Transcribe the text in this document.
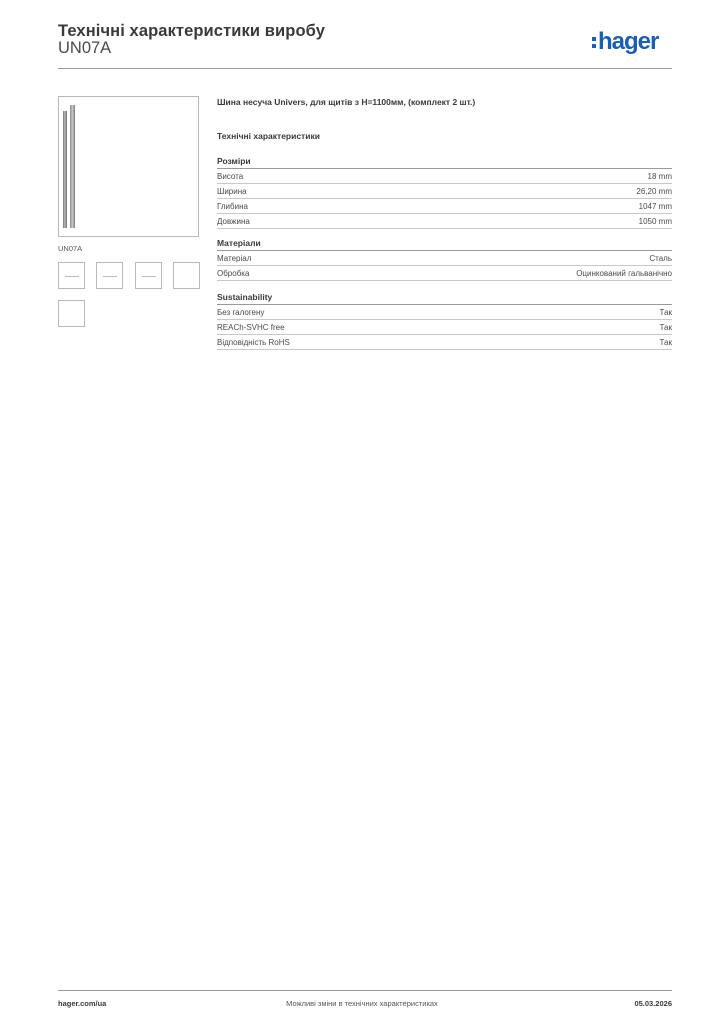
Технічні характеристики виробу
UN07A	hager
UN07A
Шина несуча Univers, для щитів з Н=1100мм, (комплект 2 шт.)
Технічні характеристики
Розміри
Висота	18 mm
Ширина	26,20 mm
Глибина	1047 mm
Довжина	1050 mm
Матеріали
Матеріал	Сталь
Обробка	Оцинкований гальванічно
Sustainability
Без галогену	Так
REACh-SVHC free	Так
Відповідність RoHS	Так
hager.com/ua	Можливі зміни в технічних характеристиках	05.03.2026
